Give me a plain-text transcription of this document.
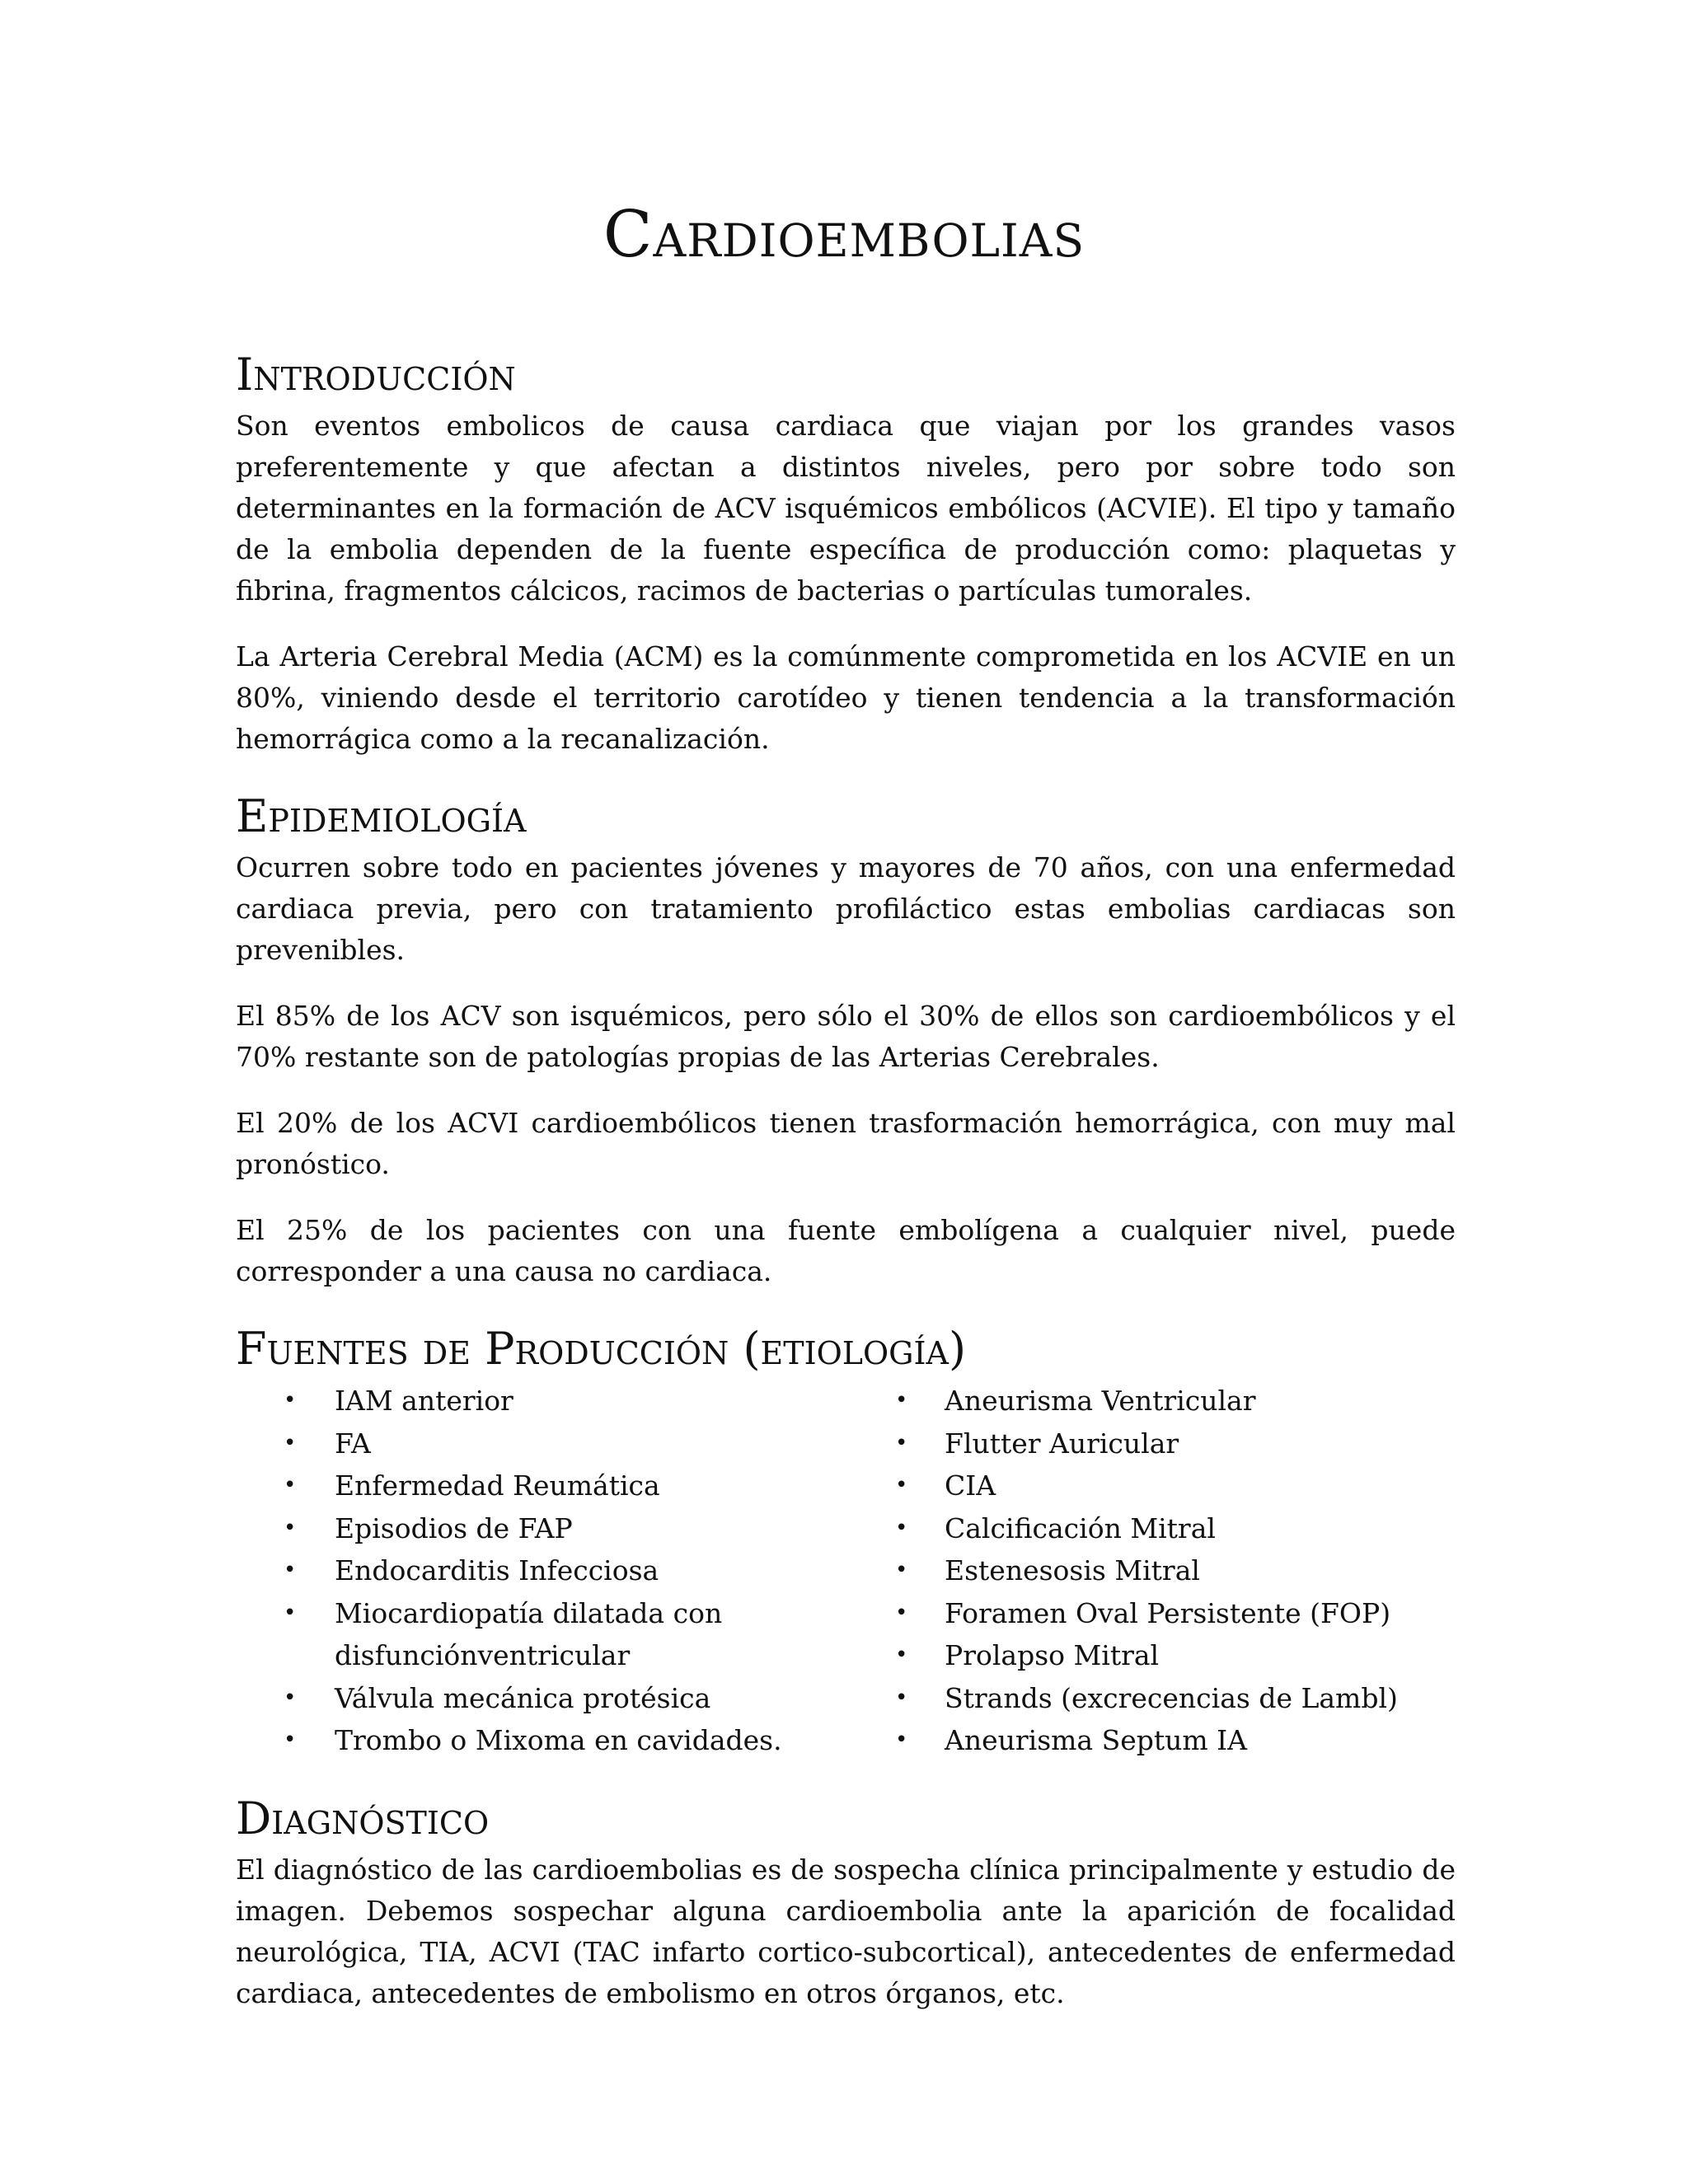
Cardioembolias
Introducción

Son eventos embolicos de causa cardiaca que viajan por los grandes vasos preferentemente y que afectan a distintos niveles, pero por sobre todo son determinantes en la formación de ACV isquémicos embólicos (ACVIE). El tipo y tamaño de la embolia dependen de la fuente específica de producción como: plaquetas y fibrina, fragmentos cálcicos, racimos de bacterias o partículas tumorales.

La Arteria Cerebral Media (ACM) es la comúnmente comprometida en los ACVIE en un 80%, viniendo desde el territorio carotídeo y tienen tendencia a la transformación hemorrágica como a la recanalización.

Epidemiología

Ocurren sobre todo en pacientes jóvenes y mayores de 70 años, con una enfermedad cardiaca previa, pero con tratamiento profiláctico estas embolias cardiacas son prevenibles.

El 85% de los ACV son isquémicos, pero sólo el 30% de ellos son cardioembólicos y el 70% restante son de patologías propias de las Arterias Cerebrales.

El 20% de los ACVI cardioembólicos tienen trasformación hemorrágica, con muy mal pronóstico.

El 25% de los pacientes con una fuente embolígena a cualquier nivel, puede corresponder a una causa no cardiaca.

Fuentes de Producción (etiología)
• IAM anterior
• FA
• Enfermedad Reumática
• Episodios de FAP
• Endocarditis Infecciosa
• Miocardiopatía dilatada con disfunciónventricular
• Válvula mecánica protésica
• Trombo o Mixoma en cavidades.
• Aneurisma Ventricular
• Flutter Auricular
• CIA
• Calcificación Mitral
• Estenesosis Mitral
• Foramen Oval Persistente (FOP)
• Prolapso Mitral
• Strands (excrecencias de Lambl)
• Aneurisma Septum IA
Diagnóstico

El diagnóstico de las cardioembolias es de sospecha clínica principalmente y estudio de imagen. Debemos sospechar alguna cardioembolia ante la aparición de focalidad neurológica, TIA, ACVI (TAC infarto cortico-subcortical), antecedentes de enfermedad cardiaca, antecedentes de embolismo en otros órganos, etc.
